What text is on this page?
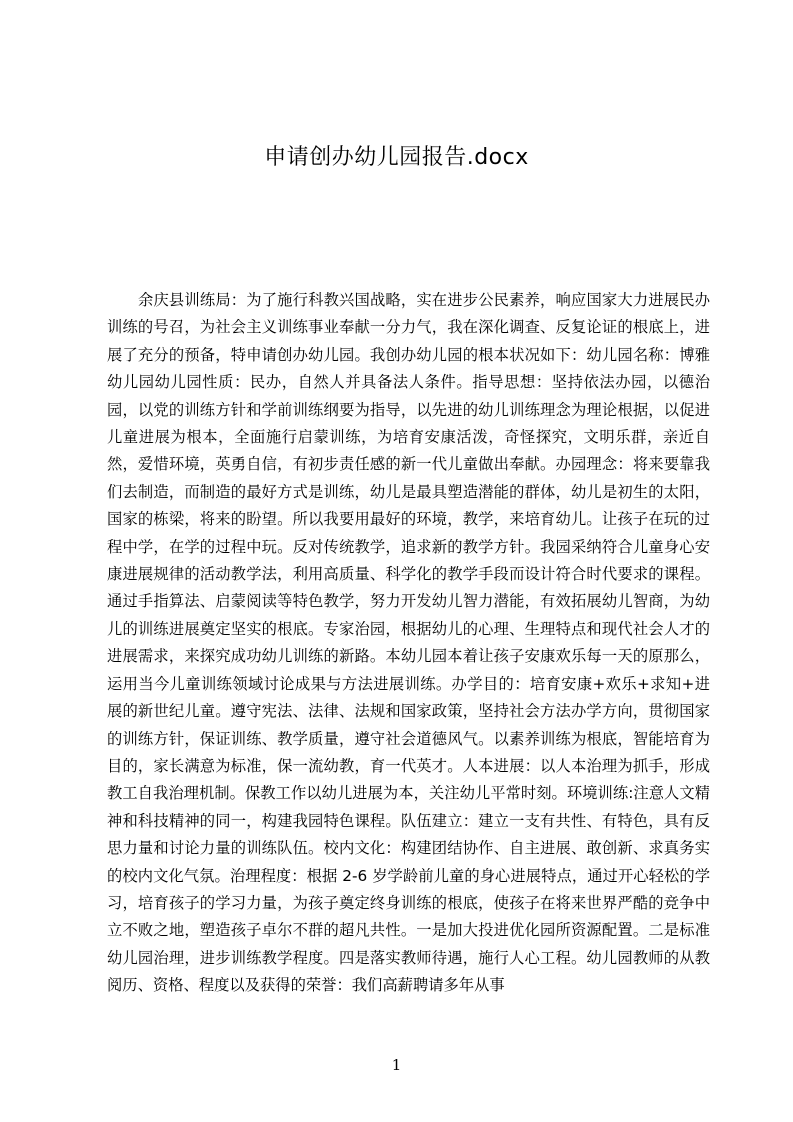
申请创办幼儿园报告.docx

余庆县训练局：为了施行科教兴国战略，实在进步公民素养，响应国家大力进展民办训练的号召，为社会主义训练事业奉献一分力气，我在深化调查、反复论证的根底上，进展了充分的预备，特申请创办幼儿园。我创办幼儿园的根本状况如下：幼儿园名称：博雅幼儿园幼儿园性质：民办，自然人并具备法人条件。指导思想：坚持依法办园，以德治园，以党的训练方针和学前训练纲要为指导，以先进的幼儿训练理念为理论根据，以促进儿童进展为根本，全面施行启蒙训练，为培育安康活泼，奇怪探究，文明乐群，亲近自然，爱惜环境，英勇自信，有初步责任感的新一代儿童做出奉献。办园理念：将来要靠我们去制造，而制造的最好方式是训练，幼儿是最具塑造潜能的群体，幼儿是初生的太阳，国家的栋梁，将来的盼望。所以我要用最好的环境，教学，来培育幼儿。让孩子在玩的过程中学，在学的过程中玩。反对传统教学，追求新的教学方针。我园采纳符合儿童身心安康进展规律的活动教学法，利用高质量、科学化的教学手段而设计符合时代要求的课程。通过手指算法、启蒙阅读等特色教学，努力开发幼儿智力潜能，有效拓展幼儿智商，为幼儿的训练进展奠定坚实的根底。专家治园，根据幼儿的心理、生理特点和现代社会人才的进展需求，来探究成功幼儿训练的新路。本幼儿园本着让孩子安康欢乐每一天的原那么，运用当今儿童训练领域讨论成果与方法进展训练。办学目的：培育安康+欢乐+求知+进展的新世纪儿童。遵守宪法、法律、法规和国家政策，坚持社会方法办学方向，贯彻国家的训练方针，保证训练、教学质量，遵守社会道德风气。以素养训练为根底，智能培育为目的，家长满意为标准，保一流幼教，育一代英才。人本进展：以人本治理为抓手，形成教工自我治理机制。保教工作以幼儿进展为本，关注幼儿平常时刻。环境训练:注意人文精神和科技精神的同一，构建我园特色课程。队伍建立：建立一支有共性、有特色，具有反思力量和讨论力量的训练队伍。校内文化：构建团结协作、自主进展、敢创新、求真务实的校内文化气氛。治理程度：根据 2-6 岁学龄前儿童的身心进展特点，通过开心轻松的学习，培育孩子的学习力量，为孩子奠定终身训练的根底，使孩子在将来世界严酷的竞争中立不败之地，塑造孩子卓尔不群的超凡共性。一是加大投进优化园所资源配置。二是标准幼儿园治理，进步训练教学程度。四是落实教师待遇，施行人心工程。幼儿园教师的从教阅历、资格、程度以及获得的荣誉：我们高薪聘请多年从事

1
